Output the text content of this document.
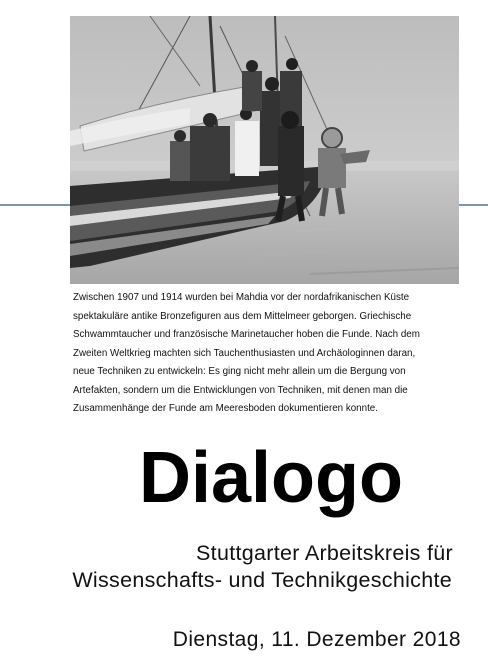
Zwischen 1907 und 1914 wurden bei Mahdia vor der nordafrikanischen Küste
spektakuläre antike Bronzefiguren aus dem Mittelmeer geborgen. Griechische
Schwammtaucher und französische Marinetaucher hoben die Funde. Nach dem
Zweiten Weltkrieg machten sich Tauchenthusiasten und Archäologinnen daran,
neue Techniken zu entwickeln: Es ging nicht mehr allein um die Bergung von
Artefakten, sondern um die Entwicklungen von Techniken, mit denen man die
Zusammenhänge der Funde am Meeresboden dokumentieren konnte.
Dialogo
Stuttgarter Arbeitskreis für
Wissenschafts- und Technikgeschichte
Dienstag, 11. Dezember 2018
